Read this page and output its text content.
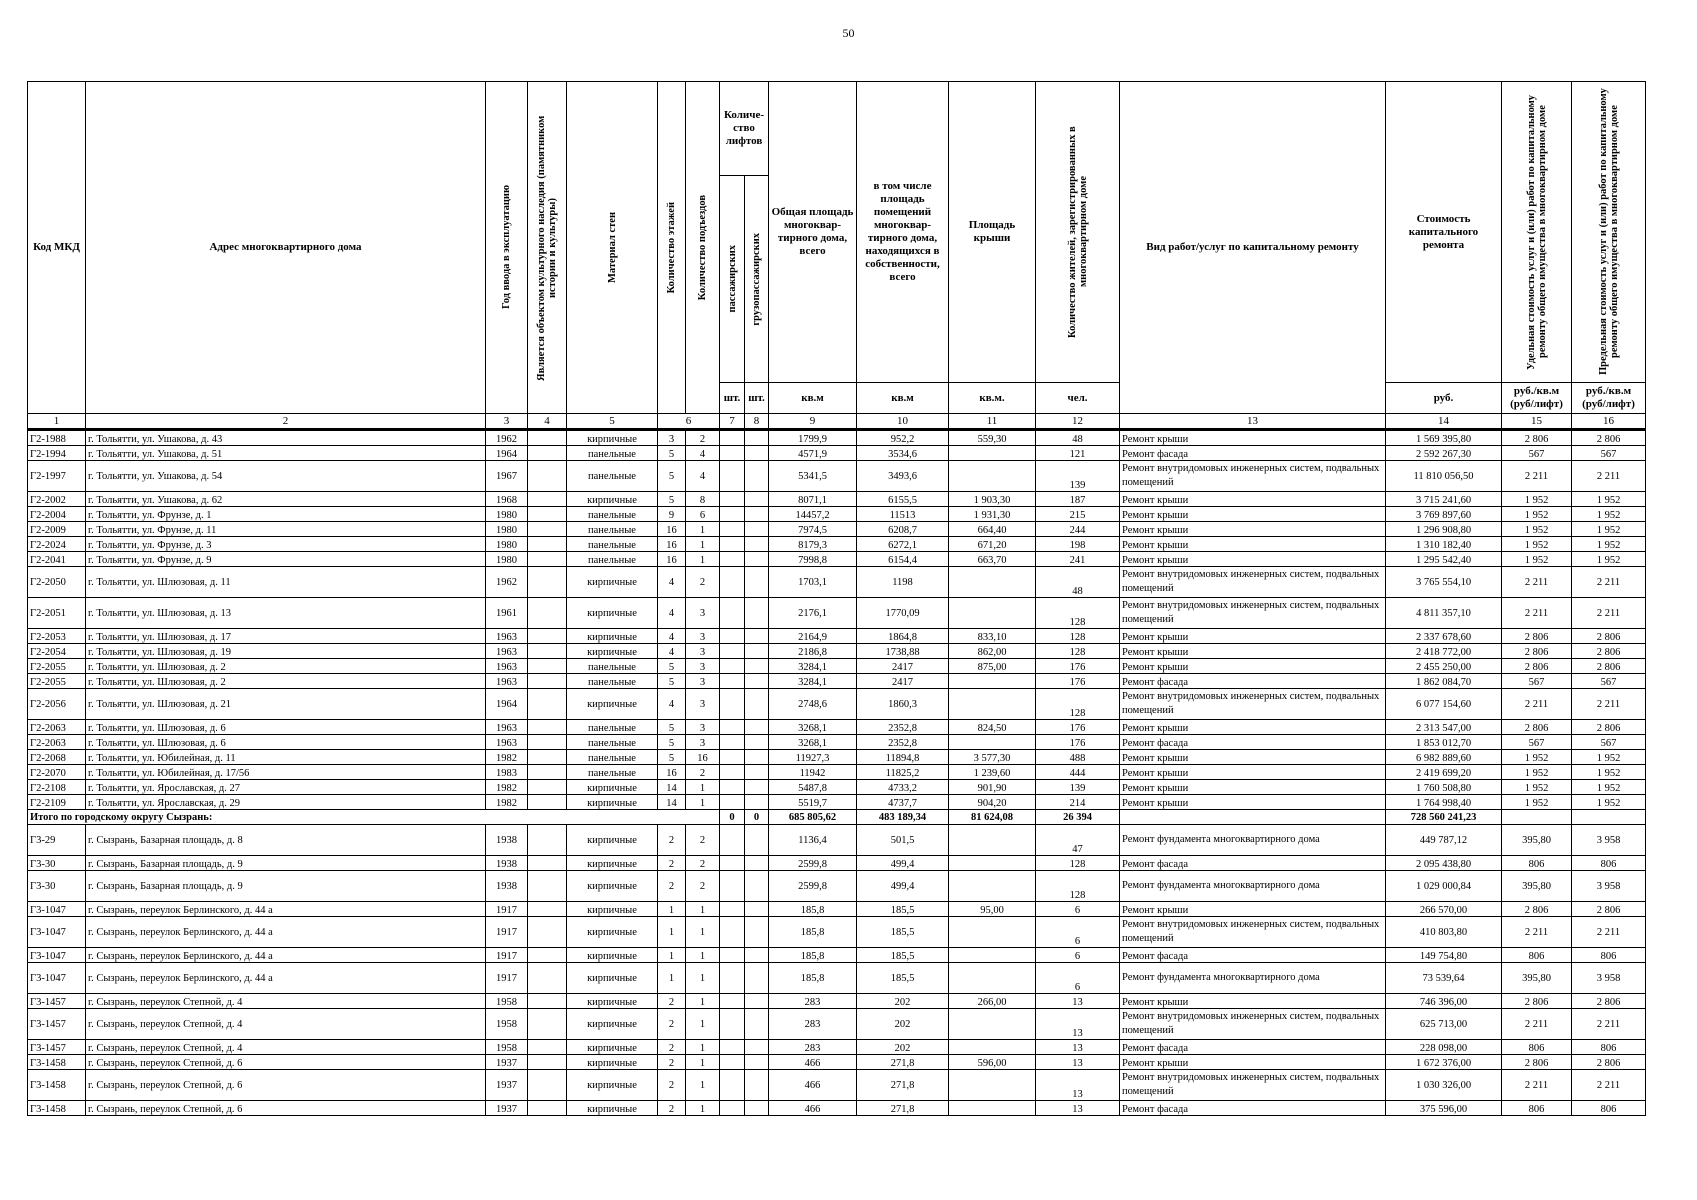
50
Код МКД	Адрес многоквартирного дома	Год ввода в эксплуатацию	Является объектом культурного наследия (памятником истории и культуры)	Материал стен	Количество этажей	Количество подъездов	Количе-ство лифтов		Общая площадь многоквар-тирного дома, всего	в том числе площадь помещений многоквар-тирного дома, находящихся в собственности, всего	Площадь крыши	Количество жителей, зарегистрированных в многоквартирном доме	Вид работ/услуг по капитальному ремонту	Стоимость капитального ремонта	Удельная стоимость услуг и (или) работ по капитальному ремонту общего имущества в многоквартирном доме	Предельная стоимость услуг и (или) работ по капитальному ремонту общего имущества в многоквартирном доме

							пассажирских	грузопассажирских								

							шт.	шт.	кв.м	кв.м	кв.м.	чел.		руб.	руб./кв.м (руб/лифт)	руб./кв.м (руб/лифт)
1	2	3	4	5	6		7	8	9	10	11	12	13	14	15	16
Г2-1988	г. Тольятти, ул. Ушакова, д. 43	1962		кирпичные	3	2			1799,9	952,2	559,30	48	Ремонт крыши	1 569 395,80	2 806	2 806
Г2-1994	г. Тольятти, ул. Ушакова, д. 51	1964		панельные	5	4			4571,9	3534,6		121	Ремонт фасада	2 592 267,30	567	567
Г2-1997	г. Тольятти, ул. Ушакова, д. 54	1967		панельные	5	4			5341,5	3493,6		139	Ремонт внутридомовых инженерных систем, подвальных помещений	11 810 056,50	2 211	2 211
Г2-2002	г. Тольятти, ул. Ушакова, д. 62	1968		кирпичные	5	8			8071,1	6155,5	1 903,30	187	Ремонт крыши	3 715 241,60	1 952	1 952
Г2-2004	г. Тольятти, ул. Фрунзе, д. 1	1980		панельные	9	6			14457,2	11513	1 931,30	215	Ремонт крыши	3 769 897,60	1 952	1 952
Г2-2009	г. Тольятти, ул. Фрунзе, д. 11	1980		панельные	16	1			7974,5	6208,7	664,40	244	Ремонт крыши	1 296 908,80	1 952	1 952
Г2-2024	г. Тольятти, ул. Фрунзе, д. 3	1980		панельные	16	1			8179,3	6272,1	671,20	198	Ремонт крыши	1 310 182,40	1 952	1 952
Г2-2041	г. Тольятти, ул. Фрунзе, д. 9	1980		панельные	16	1			7998,8	6154,4	663,70	241	Ремонт крыши	1 295 542,40	1 952	1 952
Г2-2050	г. Тольятти, ул. Шлюзовая, д. 11	1962		кирпичные	4	2			1703,1	1198		48	Ремонт внутридомовых инженерных систем, подвальных помещений	3 765 554,10	2 211	2 211
Г2-2051	г. Тольятти, ул. Шлюзовая, д. 13	1961		кирпичные	4	3			2176,1	1770,09		128	Ремонт внутридомовых инженерных систем, подвальных помещений	4 811 357,10	2 211	2 211
Г2-2053	г. Тольятти, ул. Шлюзовая, д. 17	1963		кирпичные	4	3			2164,9	1864,8	833,10	128	Ремонт крыши	2 337 678,60	2 806	2 806
Г2-2054	г. Тольятти, ул. Шлюзовая, д. 19	1963		кирпичные	4	3			2186,8	1738,88	862,00	128	Ремонт крыши	2 418 772,00	2 806	2 806
Г2-2055	г. Тольятти, ул. Шлюзовая, д. 2	1963		панельные	5	3			3284,1	2417	875,00	176	Ремонт крыши	2 455 250,00	2 806	2 806
Г2-2055	г. Тольятти, ул. Шлюзовая, д. 2	1963		панельные	5	3			3284,1	2417		176	Ремонт фасада	1 862 084,70	567	567
Г2-2056	г. Тольятти, ул. Шлюзовая, д. 21	1964		кирпичные	4	3			2748,6	1860,3		128	Ремонт внутридомовых инженерных систем, подвальных помещений	6 077 154,60	2 211	2 211
Г2-2063	г. Тольятти, ул. Шлюзовая, д. 6	1963		панельные	5	3			3268,1	2352,8	824,50	176	Ремонт крыши	2 313 547,00	2 806	2 806
Г2-2063	г. Тольятти, ул. Шлюзовая, д. 6	1963		панельные	5	3			3268,1	2352,8		176	Ремонт фасада	1 853 012,70	567	567
Г2-2068	г. Тольятти, ул. Юбилейная, д. 11	1982		панельные	5	16			11927,3	11894,8	3 577,30	488	Ремонт крыши	6 982 889,60	1 952	1 952
Г2-2070	г. Тольятти, ул. Юбилейная, д. 17/56	1983		панельные	16	2			11942	11825,2	1 239,60	444	Ремонт крыши	2 419 699,20	1 952	1 952
Г2-2108	г. Тольятти, ул. Ярославская, д. 27	1982		кирпичные	14	1			5487,8	4733,2	901,90	139	Ремонт крыши	1 760 508,80	1 952	1 952
Г2-2109	г. Тольятти, ул. Ярославская, д. 29	1982		кирпичные	14	1			5519,7	4737,7	904,20	214	Ремонт крыши	1 764 998,40	1 952	1 952
Итого по городскому округу Сызрань:							0	0	685 805,62	483 189,34	81 624,08	26 394		728 560 241,23		
Г3-29	г. Сызрань, Базарная площадь, д. 8	1938		кирпичные	2	2			1136,4	501,5		47	Ремонт фундамента многоквартирного дома	449 787,12	395,80	3 958
Г3-30	г. Сызрань, Базарная площадь, д. 9	1938		кирпичные	2	2			2599,8	499,4		128	Ремонт фасада	2 095 438,80	806	806
Г3-30	г. Сызрань, Базарная площадь, д. 9	1938		кирпичные	2	2			2599,8	499,4		128	Ремонт фундамента многоквартирного дома	1 029 000,84	395,80	3 958
Г3-1047	г. Сызрань, переулок Берлинского, д. 44 а	1917		кирпичные	1	1			185,8	185,5	95,00	6	Ремонт крыши	266 570,00	2 806	2 806
Г3-1047	г. Сызрань, переулок Берлинского, д. 44 а	1917		кирпичные	1	1			185,8	185,5		6	Ремонт внутридомовых инженерных систем, подвальных помещений	410 803,80	2 211	2 211
Г3-1047	г. Сызрань, переулок Берлинского, д. 44 а	1917		кирпичные	1	1			185,8	185,5		6	Ремонт фасада	149 754,80	806	806
Г3-1047	г. Сызрань, переулок Берлинского, д. 44 а	1917		кирпичные	1	1			185,8	185,5		6	Ремонт фундамента многоквартирного дома	73 539,64	395,80	3 958
Г3-1457	г. Сызрань, переулок Степной, д. 4	1958		кирпичные	2	1			283	202	266,00	13	Ремонт крыши	746 396,00	2 806	2 806
Г3-1457	г. Сызрань, переулок Степной, д. 4	1958		кирпичные	2	1			283	202		13	Ремонт внутридомовых инженерных систем, подвальных помещений	625 713,00	2 211	2 211
Г3-1457	г. Сызрань, переулок Степной, д. 4	1958		кирпичные	2	1			283	202		13	Ремонт фасада	228 098,00	806	806
Г3-1458	г. Сызрань, переулок Степной, д. 6	1937		кирпичные	2	1			466	271,8	596,00	13	Ремонт крыши	1 672 376,00	2 806	2 806
Г3-1458	г. Сызрань, переулок Степной, д. 6	1937		кирпичные	2	1			466	271,8		13	Ремонт внутридомовых инженерных систем, подвальных помещений	1 030 326,00	2 211	2 211
Г3-1458	г. Сызрань, переулок Степной, д. 6	1937		кирпичные	2	1			466	271,8		13	Ремонт фасада	375 596,00	806	806
